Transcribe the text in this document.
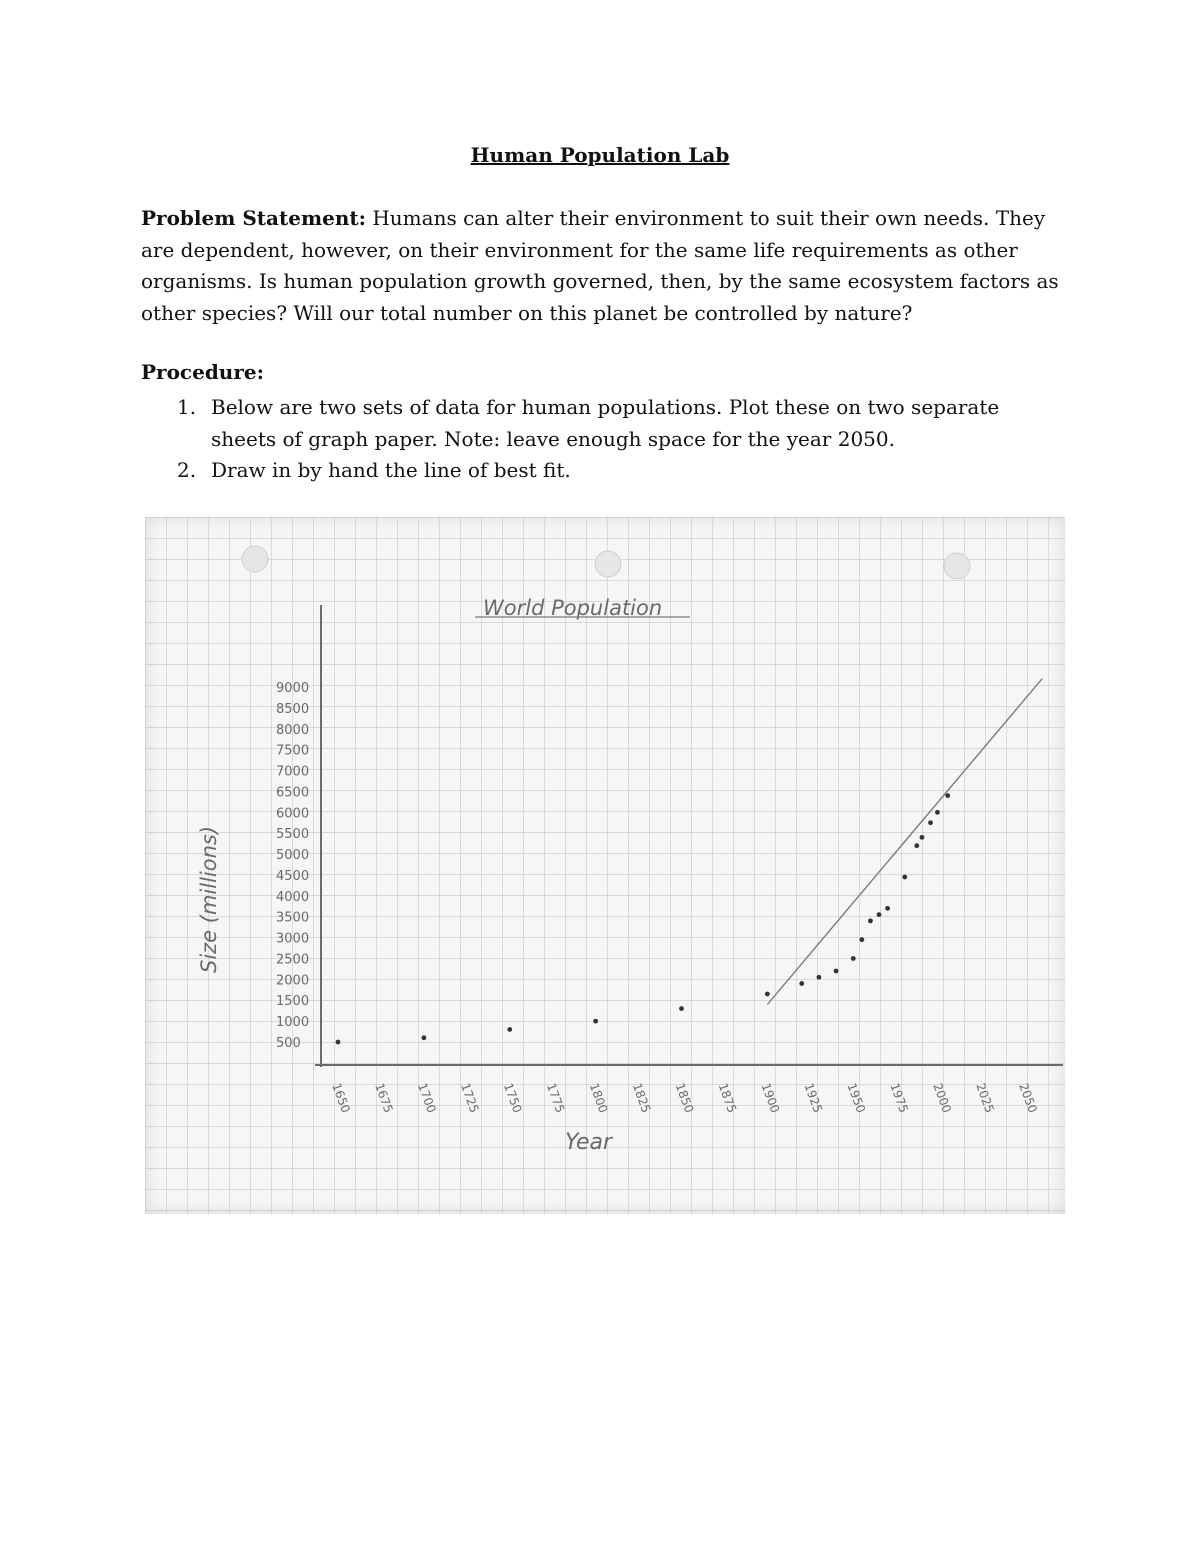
Human Population Lab

Problem Statement: Humans can alter their environment to suit their own needs. They are dependent, however, on their environment for the same life requirements as other organisms. Is human population growth governed, then, by the same ecosystem factors as other species? Will our total number on this planet be controlled by nature?

Procedure:

1. Below are two sets of data for human populations. Plot these on two separate sheets of graph paper. Note: leave enough space for the year 2050.
2. Draw in by hand the line of best fit.
World Population
Size (millions)
Year
500
1000
1500
2000
2500
3000
3500
4000
4500
5000
5500
6000
6500
7000
7500
8000
8500
9000
1650 1675 1700 1725 1750 1775 1800 1825 1850 1875 1900 1925 1950 1975 2000 2025 2050
